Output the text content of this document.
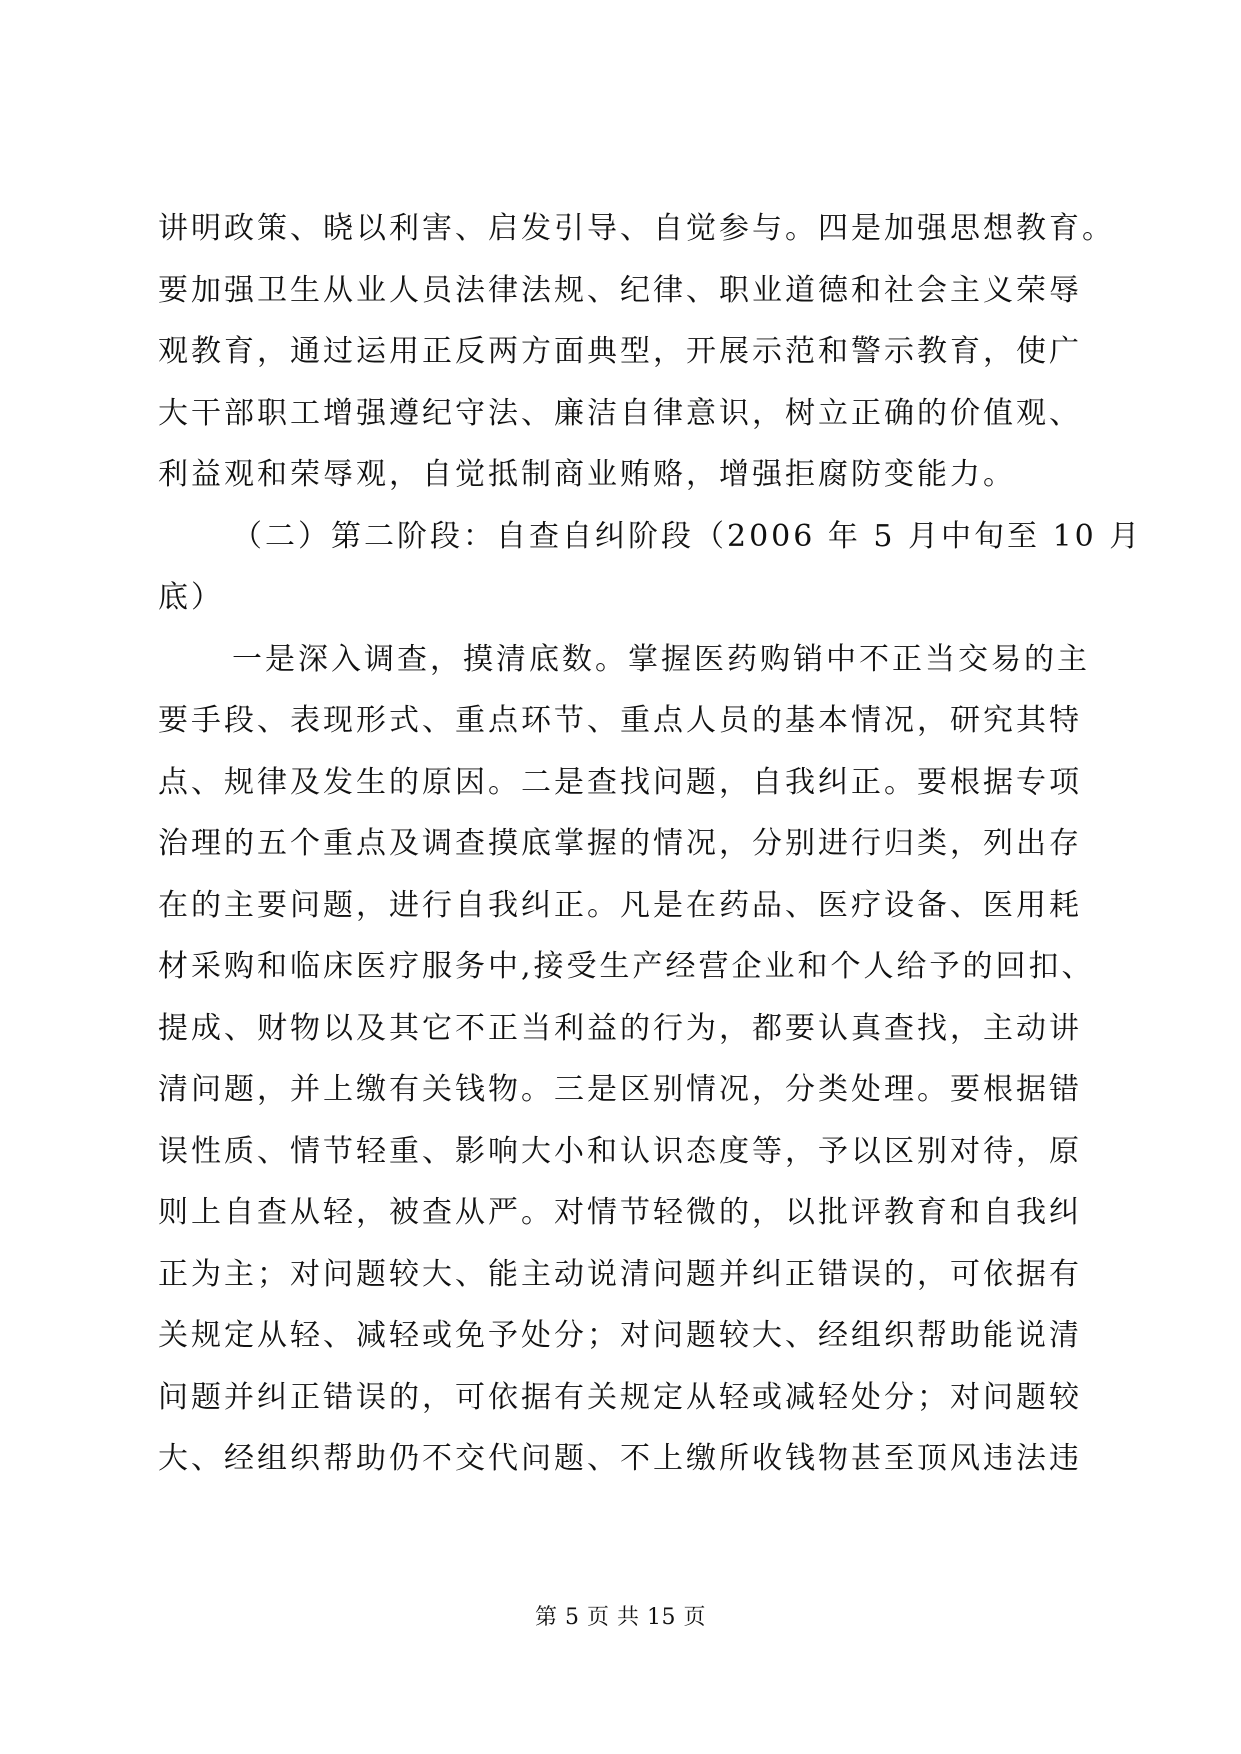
讲明政策、晓以利害、启发引导、自觉参与。四是加强思想教育。
要加强卫生从业人员法律法规、纪律、职业道德和社会主义荣辱
观教育，通过运用正反两方面典型，开展示范和警示教育，使广
大干部职工增强遵纪守法、廉洁自律意识，树立正确的价值观、
利益观和荣辱观，自觉抵制商业贿赂，增强拒腐防变能力。
（二）第二阶段：自查自纠阶段（2006 年 5 月中旬至 10 月
底）
一是深入调查，摸清底数。掌握医药购销中不正当交易的主
要手段、表现形式、重点环节、重点人员的基本情况，研究其特
点、规律及发生的原因。二是查找问题，自我纠正。要根据专项
治理的五个重点及调查摸底掌握的情况，分别进行归类，列出存
在的主要问题，进行自我纠正。凡是在药品、医疗设备、医用耗
材采购和临床医疗服务中,接受生产经营企业和个人给予的回扣、
提成、财物以及其它不正当利益的行为，都要认真查找，主动讲
清问题，并上缴有关钱物。三是区别情况，分类处理。要根据错
误性质、情节轻重、影响大小和认识态度等，予以区别对待，原
则上自查从轻，被查从严。对情节轻微的，以批评教育和自我纠
正为主；对问题较大、能主动说清问题并纠正错误的，可依据有
关规定从轻、减轻或免予处分；对问题较大、经组织帮助能说清
问题并纠正错误的，可依据有关规定从轻或减轻处分；对问题较
大、经组织帮助仍不交代问题、不上缴所收钱物甚至顶风违法违
第 5 页 共 15 页
